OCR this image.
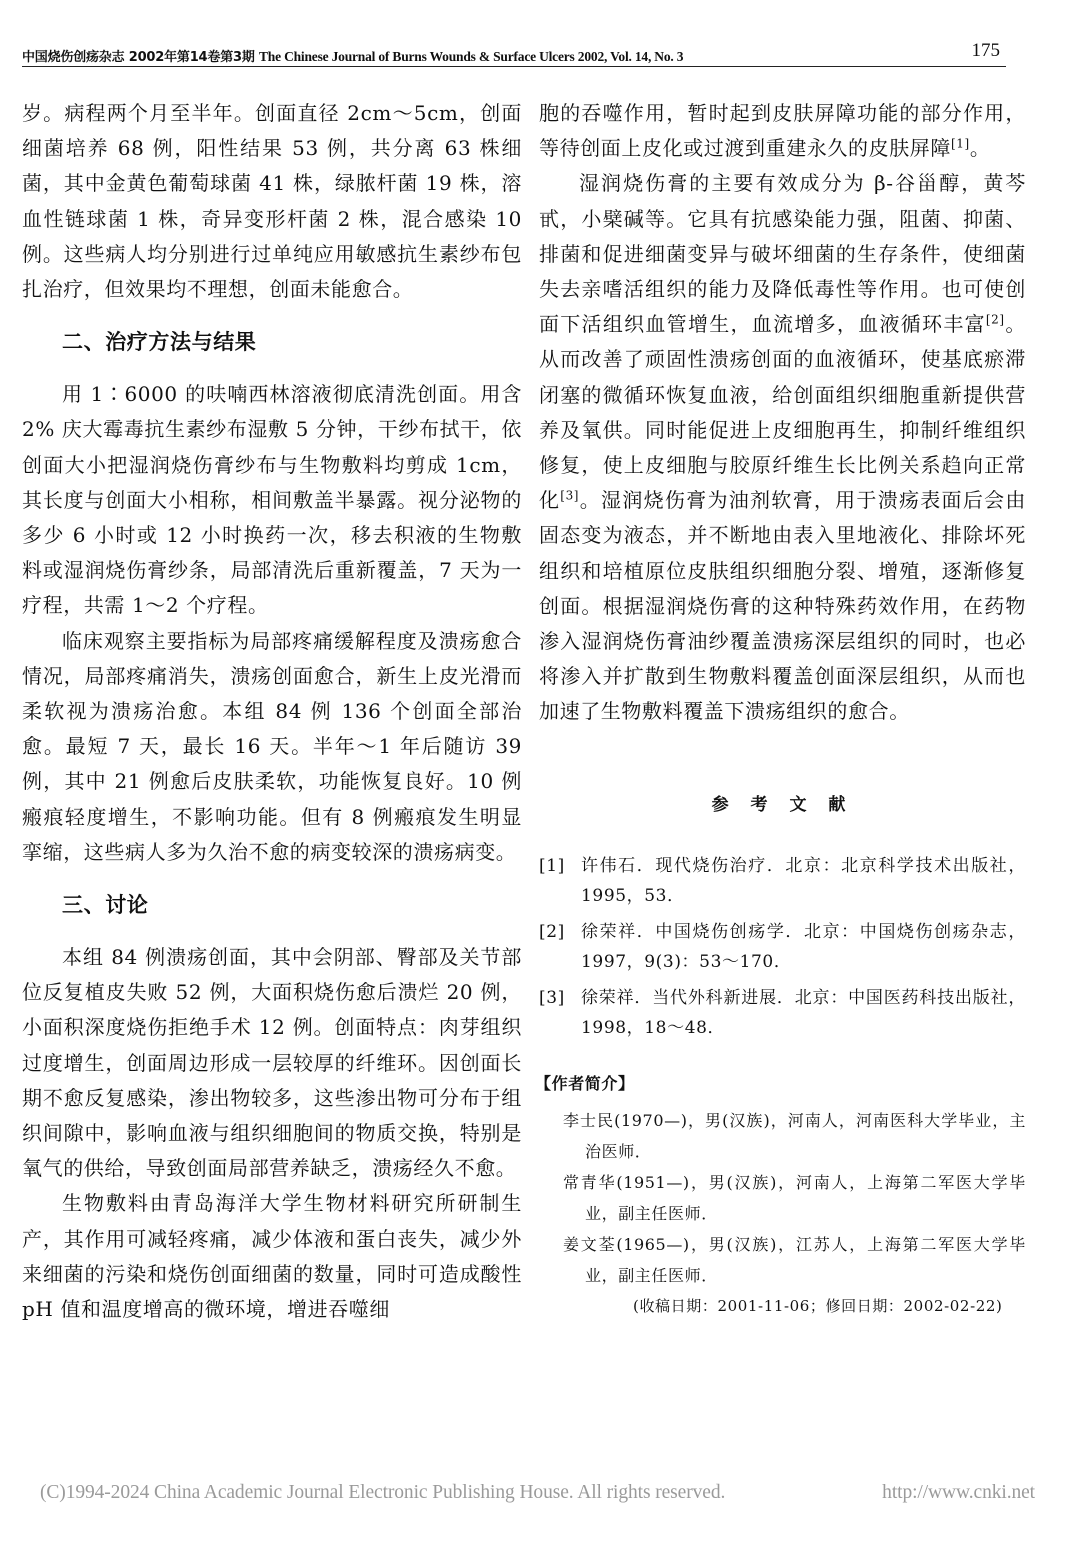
中国烧伤创疡杂志 2002年第14卷第3期 The Chinese Journal of Burns Wounds & Surface Ulcers 2002, Vol. 14, No. 3	175

岁。病程两个月至半年。创面直径 2cm～5cm，创面细菌培养 68 例，阳性结果 53 例，共分离 63 株细菌，其中金黄色葡萄球菌 41 株，绿脓杆菌 19 株，溶血性链球菌 1 株，奇异变形杆菌 2 株，混合感染 10 例。这些病人均分别进行过单纯应用敏感抗生素纱布包扎治疗，但效果均不理想，创面未能愈合。

二、治疗方法与结果

用 1∶6000 的呋喃西林溶液彻底清洗创面。用含 2% 庆大霉毒抗生素纱布湿敷 5 分钟，干纱布拭干，依创面大小把湿润烧伤膏纱布与生物敷料均剪成 1cm，其长度与创面大小相称，相间敷盖半暴露。视分泌物的多少 6 小时或 12 小时换药一次，移去积液的生物敷料或湿润烧伤膏纱条，局部清洗后重新覆盖，7 天为一疗程，共需 1～2 个疗程。

临床观察主要指标为局部疼痛缓解程度及溃疡愈合情况，局部疼痛消失，溃疡创面愈合，新生上皮光滑而柔软视为溃疡治愈。本组 84 例 136 个创面全部治愈。最短 7 天，最长 16 天。半年～1 年后随访 39 例，其中 21 例愈后皮肤柔软，功能恢复良好。10 例瘢痕轻度增生，不影响功能。但有 8 例瘢痕发生明显挛缩，这些病人多为久治不愈的病变较深的溃疡病变。

三、讨论

本组 84 例溃疡创面，其中会阴部、臀部及关节部位反复植皮失败 52 例，大面积烧伤愈后溃烂 20 例，小面积深度烧伤拒绝手术 12 例。创面特点：肉芽组织过度增生，创面周边形成一层较厚的纤维环。因创面长期不愈反复感染，渗出物较多，这些渗出物可分布于组织间隙中，影响血液与组织细胞间的物质交换，特别是氧气的供给，导致创面局部营养缺乏，溃疡经久不愈。

生物敷料由青岛海洋大学生物材料研究所研制生产，其作用可减轻疼痛，减少体液和蛋白丧失，减少外来细菌的污染和烧伤创面细菌的数量，同时可造成酸性 pH 值和温度增高的微环境，增进吞噬细

胞的吞噬作用，暂时起到皮肤屏障功能的部分作用，等待创面上皮化或过渡到重建永久的皮肤屏障[1]。

湿润烧伤膏的主要有效成分为 β-谷甾醇，黄芩甙，小檗碱等。它具有抗感染能力强，阻菌、抑菌、排菌和促进细菌变异与破坏细菌的生存条件，使细菌失去亲嗜活组织的能力及降低毒性等作用。也可使创面下活组织血管增生，血流增多，血液循环丰富[2]。从而改善了顽固性溃疡创面的血液循环，使基底瘀滞闭塞的微循环恢复血液，给创面组织细胞重新提供营养及氧供。同时能促进上皮细胞再生，抑制纤维组织修复，使上皮细胞与胶原纤维生长比例关系趋向正常化[3]。湿润烧伤膏为油剂软膏，用于溃疡表面后会由固态变为液态，并不断地由表入里地液化、排除坏死组织和培植原位皮肤组织细胞分裂、增殖，逐渐修复创面。根据湿润烧伤膏的这种特殊药效作用，在药物渗入湿润烧伤膏油纱覆盖溃疡深层组织的同时，也必将渗入并扩散到生物敷料覆盖创面深层组织，从而也加速了生物敷料覆盖下溃疡组织的愈合。

参 考 文 献

[1] 许伟石．现代烧伤治疗．北京：北京科学技术出版社，1995，53．

[2] 徐荣祥．中国烧伤创疡学．北京：中国烧伤创疡杂志，1997，9(3)：53～170．

[3] 徐荣祥．当代外科新进展．北京：中国医药科技出版社，1998，18～48．

【作者简介】

李士民(1970—)，男(汉族)，河南人，河南医科大学毕业，主治医师．

常青华(1951—)，男(汉族)，河南人，上海第二军医大学毕业，副主任医师．

姜文荃(1965—)，男(汉族)，江苏人，上海第二军医大学毕业，副主任医师．

(收稿日期：2001-11-06；修回日期：2002-02-22)

(C)1994-2024 China Academic Journal Electronic Publishing House. All rights reserved.	http://www.cnki.net
